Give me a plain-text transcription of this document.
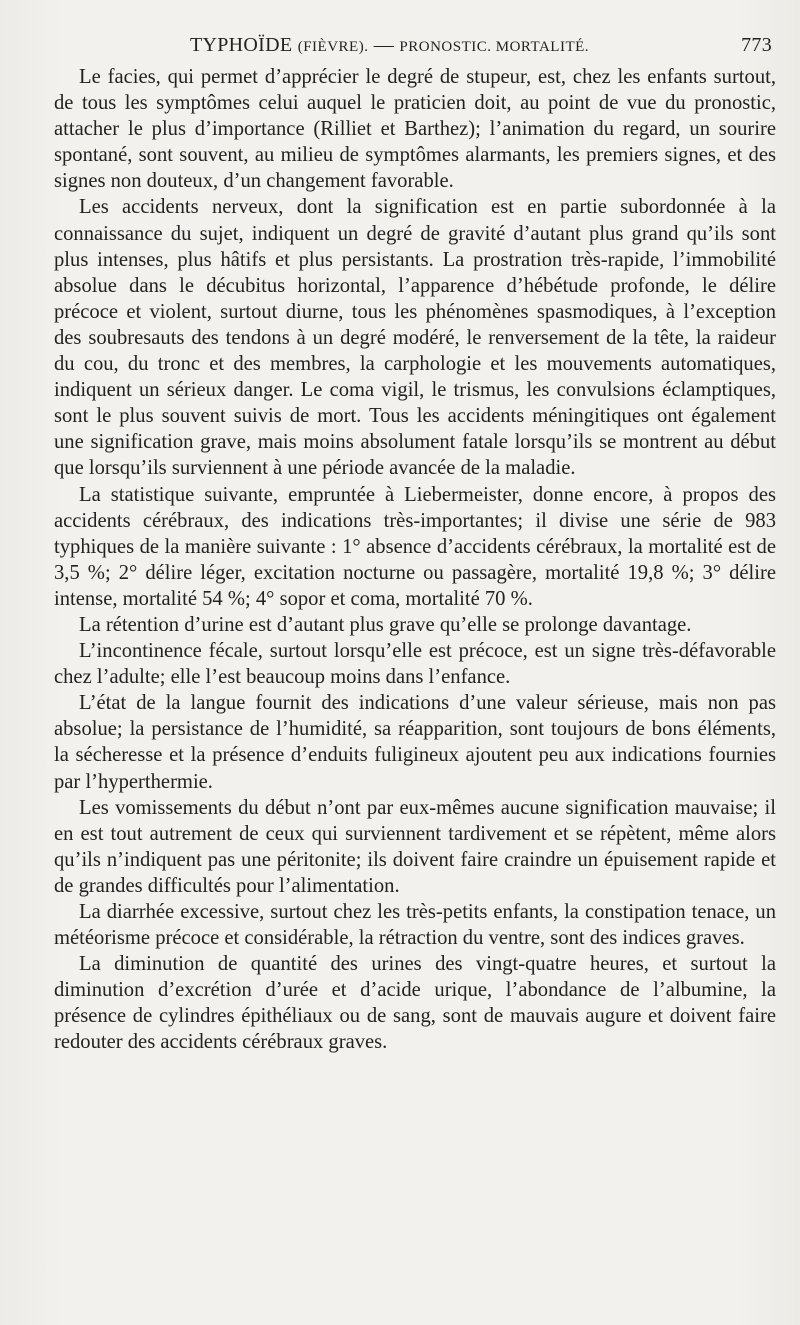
TYPHOÏDE (FIÈVRE). — PRONOSTIC. MORTALITÉ.	773

Le facies, qui permet d’apprécier le degré de stupeur, est, chez les enfants surtout, de tous les symptômes celui auquel le praticien doit, au point de vue du pronostic, attacher le plus d’importance (Rilliet et Barthez); l’animation du regard, un sourire spontané, sont souvent, au milieu de symptômes alarmants, les premiers signes, et des signes non douteux, d’un changement favorable.

Les accidents nerveux, dont la signification est en partie subordonnée à la connaissance du sujet, indiquent un degré de gravité d’autant plus grand qu’ils sont plus intenses, plus hâtifs et plus persistants. La prostration très-rapide, l’immobilité absolue dans le décubitus horizontal, l’apparence d’hébétude profonde, le délire précoce et violent, surtout diurne, tous les phénomènes spasmodiques, à l’exception des soubresauts des tendons à un degré modéré, le renversement de la tête, la raideur du cou, du tronc et des membres, la carphologie et les mouvements automatiques, indiquent un sérieux danger. Le coma vigil, le trismus, les convulsions éclamptiques, sont le plus souvent suivis de mort. Tous les accidents méningitiques ont également une signification grave, mais moins absolument fatale lorsqu’ils se montrent au début que lorsqu’ils surviennent à une période avancée de la maladie.

La statistique suivante, empruntée à Liebermeister, donne encore, à propos des accidents cérébraux, des indications très-importantes; il divise une série de 983 typhiques de la manière suivante : 1° absence d’accidents cérébraux, la mortalité est de 3,5 %; 2° délire léger, excitation nocturne ou passagère, mortalité 19,8 %; 3° délire intense, mortalité 54 %; 4° sopor et coma, mortalité 70 %.

La rétention d’urine est d’autant plus grave qu’elle se prolonge davantage.

L’incontinence fécale, surtout lorsqu’elle est précoce, est un signe très-défavorable chez l’adulte; elle l’est beaucoup moins dans l’enfance.

L’état de la langue fournit des indications d’une valeur sérieuse, mais non pas absolue; la persistance de l’humidité, sa réapparition, sont toujours de bons éléments, la sécheresse et la présence d’enduits fuligineux ajoutent peu aux indications fournies par l’hyperthermie.

Les vomissements du début n’ont par eux-mêmes aucune signification mauvaise; il en est tout autrement de ceux qui surviennent tardivement et se répètent, même alors qu’ils n’indiquent pas une péritonite; ils doivent faire craindre un épuisement rapide et de grandes difficultés pour l’alimentation.

La diarrhée excessive, surtout chez les très-petits enfants, la constipation tenace, un météorisme précoce et considérable, la rétraction du ventre, sont des indices graves.

La diminution de quantité des urines des vingt-quatre heures, et surtout la diminution d’excrétion d’urée et d’acide urique, l’abondance de l’albumine, la présence de cylindres épithéliaux ou de sang, sont de mauvais augure et doivent faire redouter des accidents cérébraux graves.
